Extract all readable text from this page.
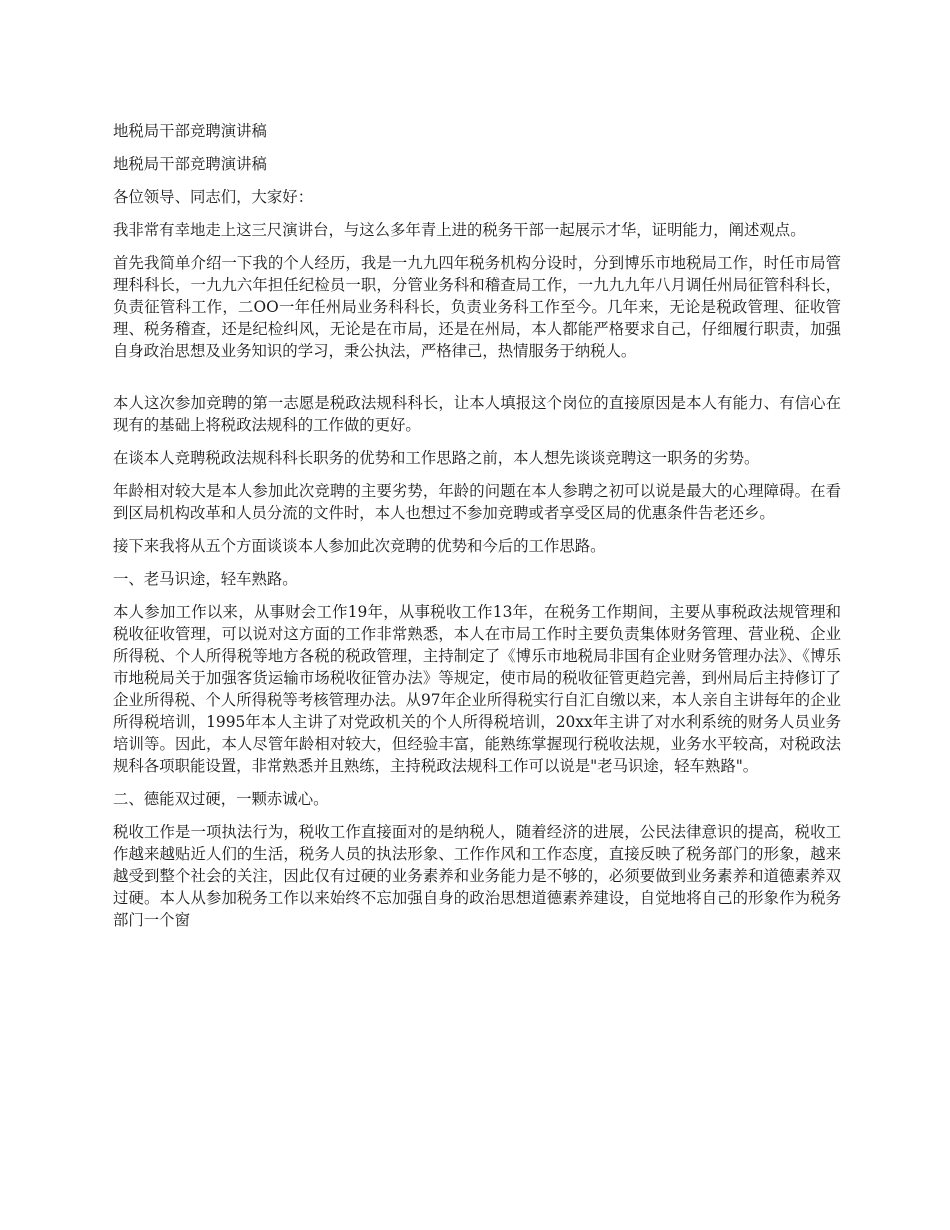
地税局干部竞聘演讲稿

地税局干部竞聘演讲稿

各位领导、同志们，大家好：

我非常有幸地走上这三尺演讲台，与这么多年青上进的税务干部一起展示才华，证明能力，阐述观点。

首先我简单介绍一下我的个人经历，我是一九九四年税务机构分设时，分到博乐市地税局工作，时任市局管理科科长，一九九六年担任纪检员一职，分管业务科和稽查局工作，一九九九年八月调任州局征管科科长，负责征管科工作，二OO一年任州局业务科科长，负责业务科工作至今。几年来，无论是税政管理、征收管理、税务稽查，还是纪检纠风，无论是在市局，还是在州局，本人都能严格要求自己，仔细履行职责，加强自身政治思想及业务知识的学习，秉公执法，严格律己，热情服务于纳税人。

本人这次参加竞聘的第一志愿是税政法规科科长，让本人填报这个岗位的直接原因是本人有能力、有信心在现有的基础上将税政法规科的工作做的更好。

在谈本人竞聘税政法规科科长职务的优势和工作思路之前，本人想先谈谈竞聘这一职务的劣势。

年龄相对较大是本人参加此次竞聘的主要劣势，年龄的问题在本人参聘之初可以说是最大的心理障碍。在看到区局机构改革和人员分流的文件时，本人也想过不参加竞聘或者享受区局的优惠条件告老还乡。

接下来我将从五个方面谈谈本人参加此次竞聘的优势和今后的工作思路。

一、老马识途，轻车熟路。

本人参加工作以来，从事财会工作19年，从事税收工作13年，在税务工作期间，主要从事税政法规管理和税收征收管理，可以说对这方面的工作非常熟悉，本人在市局工作时主要负责集体财务管理、营业税、企业所得税、个人所得税等地方各税的税政管理，主持制定了《博乐市地税局非国有企业财务管理办法》、《博乐市地税局关于加强客货运输市场税收征管办法》等规定，使市局的税收征管更趋完善，到州局后主持修订了企业所得税、个人所得税等考核管理办法。从97年企业所得税实行自汇自缴以来，本人亲自主讲每年的企业所得税培训，1995年本人主讲了对党政机关的个人所得税培训，20xx年主讲了对水利系统的财务人员业务培训等。因此，本人尽管年龄相对较大，但经验丰富，能熟练掌握现行税收法规，业务水平较高，对税政法规科各项职能设置，非常熟悉并且熟练，主持税政法规科工作可以说是"老马识途，轻车熟路"。

二、德能双过硬，一颗赤诚心。

税收工作是一项执法行为，税收工作直接面对的是纳税人，随着经济的进展，公民法律意识的提高，税收工作越来越贴近人们的生活，税务人员的执法形象、工作作风和工作态度，直接反映了税务部门的形象，越来越受到整个社会的关注，因此仅有过硬的业务素养和业务能力是不够的，必须要做到业务素养和道德素养双过硬。本人从参加税务工作以来始终不忘加强自身的政治思想道德素养建设，自觉地将自己的形象作为税务部门一个窗
